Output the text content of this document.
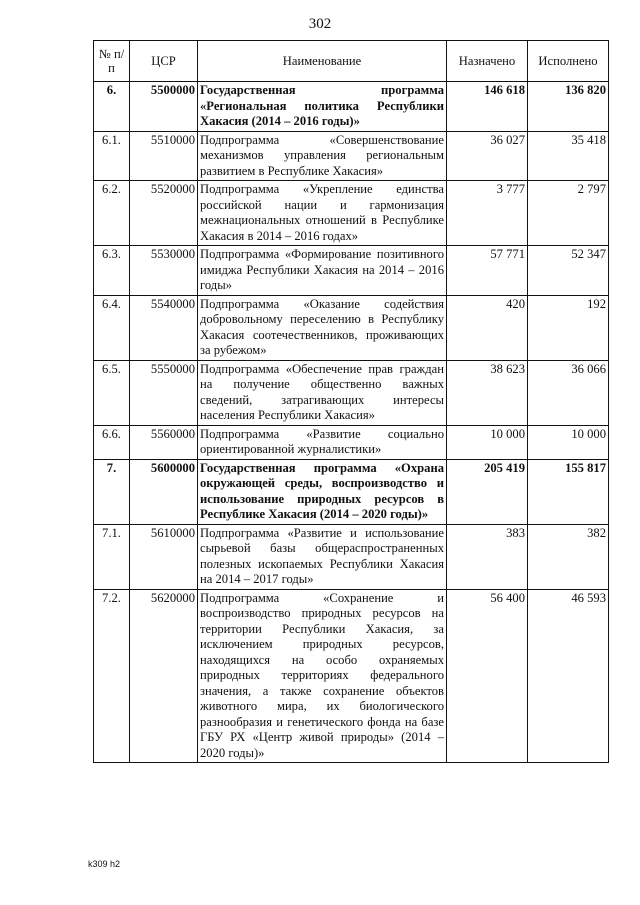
302
№ п/п	ЦСР	Наименование	Назначено	Исполнено
6.	5500000	Государственная программа «Региональная политика Республики Хакасия (2014 – 2016 годы)»	146 618	136 820
6.1.	5510000	Подпрограмма «Совершенствование механизмов управления региональным развитием в Республике Хакасия»	36 027	35 418
6.2.	5520000	Подпрограмма «Укрепление единства российской нации и гармонизация межнациональных отношений в Республике Хакасия в 2014 – 2016 годах»	3 777	2 797
6.3.	5530000	Подпрограмма «Формирование позитивного имиджа Республики Хакасия на 2014 – 2016 годы»	57 771	52 347
6.4.	5540000	Подпрограмма «Оказание содействия добровольному переселению в Республику Хакасия соотечественников, проживающих за рубежом»	420	192
6.5.	5550000	Подпрограмма «Обеспечение прав граждан на получение общественно важных сведений, затрагивающих интересы населения Республики Хакасия»	38 623	36 066
6.6.	5560000	Подпрограмма «Развитие социально ориентированной журналистики»	10 000	10 000
7.	5600000	Государственная программа «Охрана окружающей среды, воспроизводство и использование природных ресурсов в Республике Хакасия (2014 – 2020 годы)»	205 419	155 817
7.1.	5610000	Подпрограмма «Развитие и использование сырьевой базы общераспространенных полезных ископаемых Республики Хакасия на 2014 – 2017 годы»	383	382
7.2.	5620000	Подпрограмма «Сохранение и воспроизводство природных ресурсов на территории Республики Хакасия, за исключением природных ресурсов, находящихся на особо охраняемых природных территориях федерального значения, а также сохранение объектов животного мира, их биологического разнообразия и генетического фонда на базе ГБУ РХ «Центр живой природы» (2014 – 2020 годы)»	56 400	46 593
k309 h2
